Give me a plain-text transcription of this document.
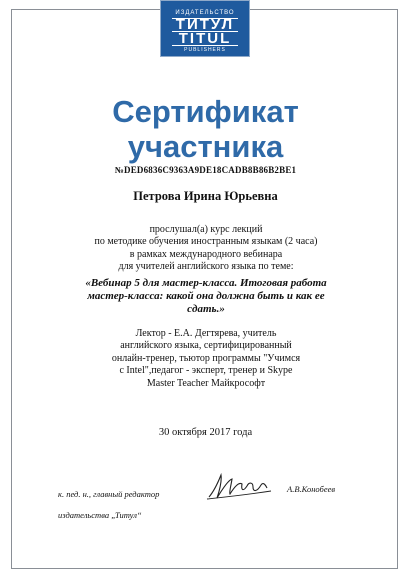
ИЗДАТЕЛЬСТВО
ТИТУЛ
TITUL
PUBLISHERS
Сертификат
участника
№DED6836C9363A9DE18CADB8B86B2BE1
Петрова Ирина Юрьевна
прослушал(а) курс лекций
по методике обучения иностранным языкам (2 часа)
в рамках международного вебинара
для учителей английского языка по теме:
«Вебинар 5 для мастер-класса. Итоговая работа
мастер-класса: какой она должна быть и как ее
сдать.»
Лектор - Е.А. Дегтярева, учитель
английского языка, сертифицированный
онлайн-тренер, тьютор программы "Учимся
с Intel",педагог - эксперт, тренер и Skype
Master Teacher Майкрософт
30 октября 2017 года
к. пед. н., главный редактор
издательства „Титул“
А.В.Конобеев
